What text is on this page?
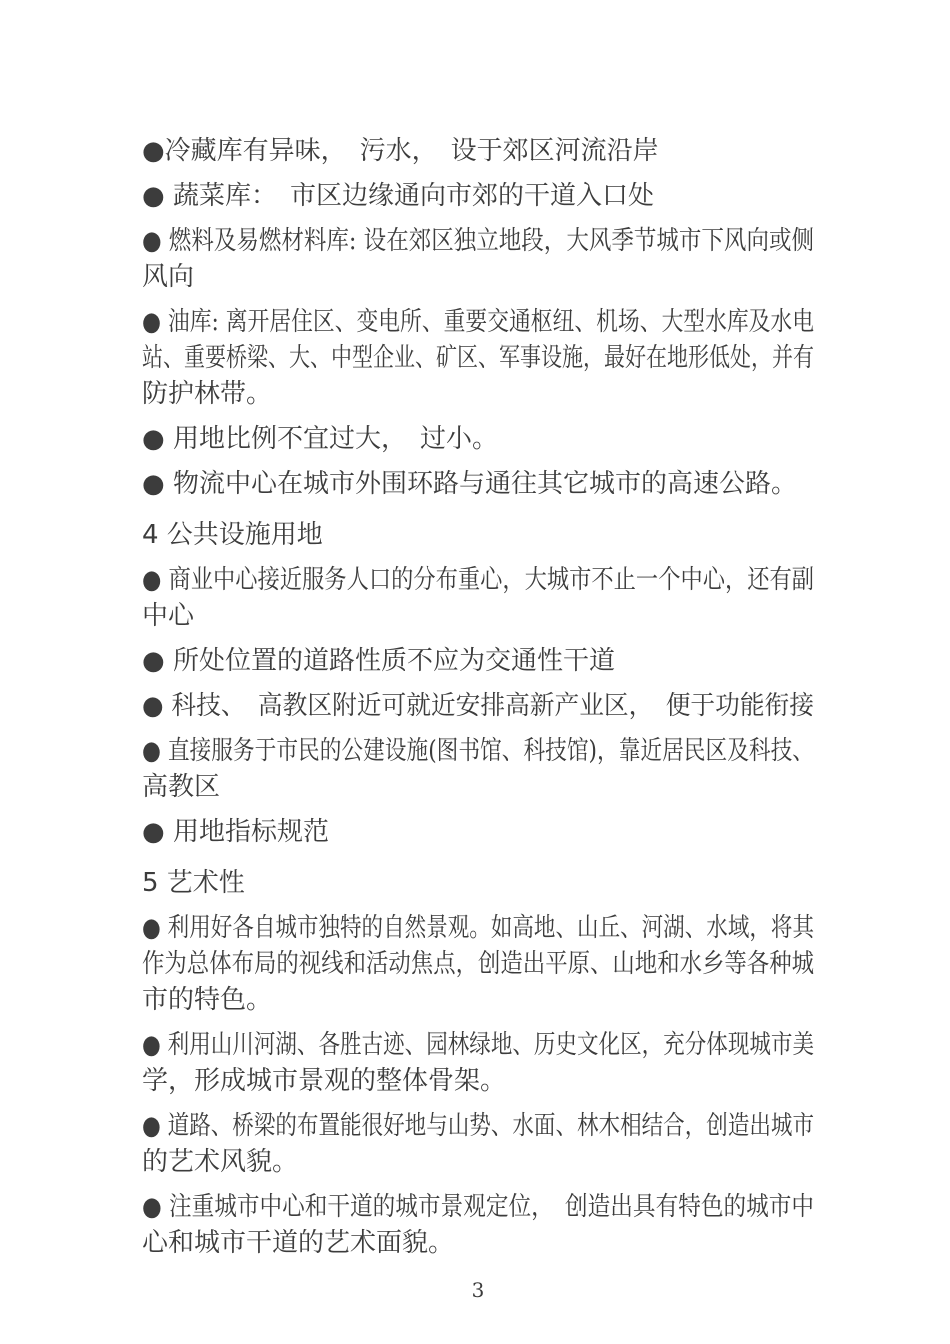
●冷藏库有异味，　污水，　设于郊区河流沿岸
● 蔬菜库：　市区边缘通向市郊的干道入口处
● 燃料及易燃材料库: 设在郊区独立地段，大风季节城市下风向或侧
风向
● 油库: 离开居住区、变电所、重要交通枢纽、机场、大型水库及水电
站、重要桥梁、大、中型企业、矿区、军事设施，最好在地形低处，并有
防护林带。
● 用地比例不宜过大，　过小。
● 物流中心在城市外围环路与通往其它城市的高速公路。
4 公共设施用地
● 商业中心接近服务人口的分布重心，大城市不止一个中心，还有副
中心
● 所处位置的道路性质不应为交通性干道
● 科技、　高教区附近可就近安排高新产业区，　便于功能衔接
● 直接服务于市民的公建设施(图书馆、科技馆)，靠近居民区及科技、
高教区
● 用地指标规范
5 艺术性
● 利用好各自城市独特的自然景观。如高地、山丘、河湖、水域，将其
作为总体布局的视线和活动焦点，创造出平原、山地和水乡等各种城
市的特色。
● 利用山川河湖、各胜古迹、园林绿地、历史文化区，充分体现城市美
学，形成城市景观的整体骨架。
● 道路、桥梁的布置能很好地与山势、水面、林木相结合，创造出城市
的艺术风貌。
● 注重城市中心和干道的城市景观定位，　创造出具有特色的城市中
心和城市干道的艺术面貌。
3
